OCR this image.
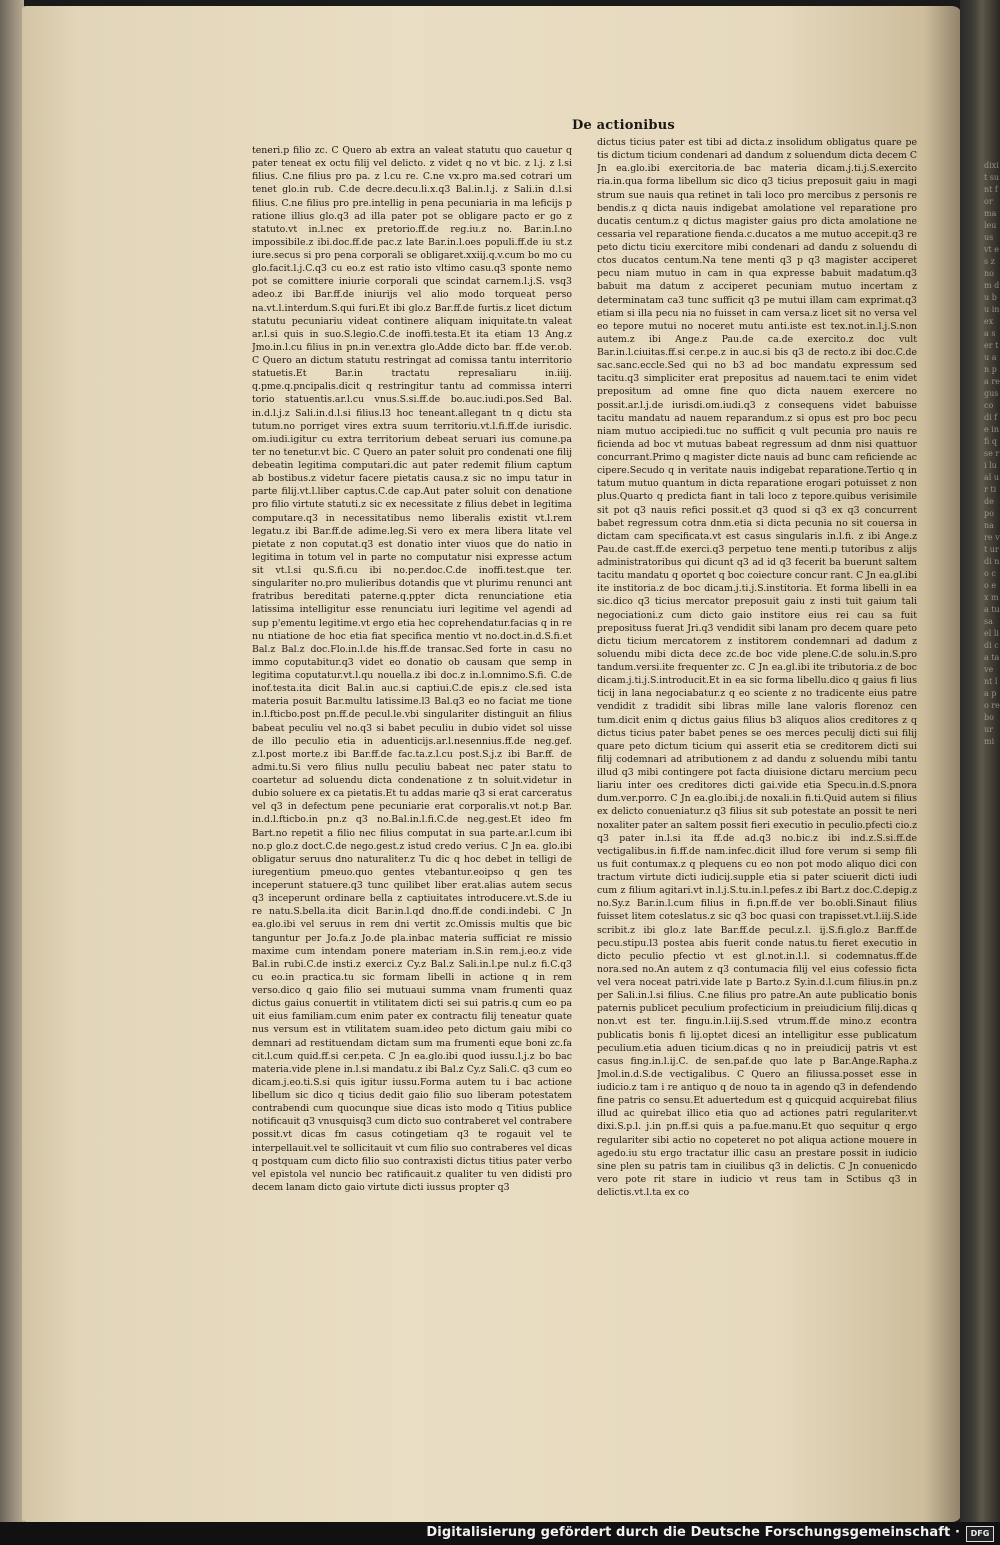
dixit sunt forma leuus vt es z nom du bu in ex a ser tu an pa re gus co di fe in fi q se ri lu al ur ti de po na re vt ur di no co ex ma tu sa el li di ca ta ve nt la po re bo ur mi
De actionibus
teneri.p filio zc. C Quero ab extra an valeat statutu quo cauetur q pater teneat ex octu filij vel delicto. z videt q no vt bic. z l.j. z l.si filius. C.ne filius pro pa. z l.cu re. C.ne vx.pro ma.sed cotrari um tenet glo.in rub. C.de decre.decu.li.x.q3 Bal.in.l.j. z Sali.in d.l.si filius. C.ne filius pro pre.intellig in pena pecuniaria in ma leficijs p ratione illius glo.q3 ad illa pater pot se obligare pacto er go z statuto.vt in.l.nec ex pretorio.ff.de reg.iu.z no. Bar.in.l.no impossibile.z ibi.doc.ff.de pac.z late Bar.in.l.oes populi.ff.de iu st.z iure.secus si pro pena corporali se obligaret.xxiij.q.v.cum bo mo cu glo.facit.l.j.C.q3 cu eo.z est ratio isto vltimo casu.q3 sponte nemo pot se comittere iniurie corporali que scindat carnem.l.j.S. vsq3 adeo.z ibi Bar.ff.de iniurijs vel alio modo torqueat perso na.vt.l.interdum.S.qui furi.Et ibi glo.z Bar.ff.de furtis.z licet dictum statutu pecuniariu videat continere aliquam iniquitate.tn valeat ar.l.si quis in suo.S.legio.C.de inoffi.testa.Et ita etiam 13 Ang.z Jmo.in.l.cu filius in pn.in ver.extra glo.Adde dicto bar. ff.de ver.ob. C Quero an dictum statutu restringat ad comissa tantu interritorio statuetis.Et Bar.in tractatu represaliaru in.iiij. q.pme.q.pncipalis.dicit q restringitur tantu ad commissa interri torio statuentis.ar.l.cu vnus.S.si.ff.de bo.auc.iudi.pos.Sed Bal. in.d.l.j.z Sali.in.d.l.si filius.l3 hoc teneant.allegant tn q dictu sta tutum.no porriget vires extra suum territoriu.vt.l.fi.ff.de iurisdic. om.iudi.igitur cu extra territorium debeat seruari ius comune.pa ter no tenetur.vt bic. C Quero an pater soluit pro condenati one filij debeatin legitima computari.dic aut pater redemit filium captum ab bostibus.z videtur facere pietatis causa.z sic no impu tatur in parte filij.vt.l.liber captus.C.de cap.Aut pater soluit con denatione pro filio virtute statuti.z sic ex necessitate z filius debet in legitima computare.q3 in necessitatibus nemo liberalis existit vt.l.rem legatu.z ibi Bar.ff.de adime.leg.Si vero ex mera libera litate vel pietate z non coputat.q3 est donatio inter viuos que do natio in legitima in totum vel in parte no computatur nisi expresse actum sit vt.l.si qu.S.fi.cu ibi no.per.doc.C.de inoffi.test.que ter. singulariter no.pro mulieribus dotandis que vt plurimu renunci ant fratribus bereditati paterne.q.ppter dicta renunciatione etia latissima intelligitur esse renunciatu iuri legitime vel agendi ad sup p'ementu legitime.vt ergo etia hec coprehendatur.facias q in re nu ntiatione de hoc etia fiat specifica mentio vt no.doct.in.d.S.fi.et Bal.z Bal.z doc.Flo.in.l.de his.ff.de transac.Sed forte in casu no immo coputabitur.q3 videt eo donatio ob causam que semp in legitima coputatur.vt.l.qu nouella.z ibi doc.z in.l.omnimo.S.fi. C.de inof.testa.ita dicit Bal.in auc.si captiui.C.de epis.z cle.sed ista materia posuit Bar.multu latissime.l3 Bal.q3 eo no faciat me tione in.l.fticbo.post pn.ff.de pecul.le.vbi singulariter distinguit an filius babeat peculiu vel no.q3 si babet peculiu in dubio videt sol uisse de illo peculio etia in aduenticijs.ar.l.nesennius.ff.de neg.gef. z.l.post morte.z ibi Bar.ff.de fac.ta.z.l.cu post.S.j.z ibi Bar.ff. de admi.tu.Si vero filius nullu peculiu babeat nec pater statu to coartetur ad soluendu dicta condenatione z tn soluit.videtur in dubio soluere ex ca pietatis.Et tu addas marie q3 si erat carceratus vel q3 in defectum pene pecuniarie erat corporalis.vt not.p Bar. in.d.l.fticbo.in pn.z q3 no.Bal.in.l.fi.C.de neg.gest.Et ideo fm Bart.no repetit a filio nec filius computat in sua parte.ar.l.cum ibi no.p glo.z doct.C.de nego.gest.z istud credo verius. C Jn ea. glo.ibi obligatur seruus dno naturaliter.z Tu dic q hoc debet in telligi de iuregentium pmeuo.quo gentes vtebantur.eoipso q gen tes inceperunt statuere.q3 tunc quilibet liber erat.alias autem secus q3 inceperunt ordinare bella z captiuitates introducere.vt.S.de iu re natu.S.bella.ita dicit Bar.in.l.qd dno.ff.de condi.indebi. C Jn ea.glo.ibi vel seruus in rem dni vertit zc.Omissis multis que bic tanguntur per Jo.fa.z Jo.de pla.inbac materia sufficiat re missio maxime cum intendam ponere materiam in.S.in rem.j.eo.z vide Bal.in rubi.C.de insti.z exerci.z Cy.z Bal.z Sali.in.l.pe nul.z fi.C.q3 cu eo.in practica.tu sic formam libelli in actione q in rem verso.dico q gaio filio sei mutuaui summa vnam frumenti quaz dictus gaius conuertit in vtilitatem dicti sei sui patris.q cum eo pa uit eius familiam.cum enim pater ex contractu filij teneatur quate nus versum est in vtilitatem suam.ideo peto dictum gaiu mibi co demnari ad restituendam dictam sum ma frumenti eque boni zc.fa cit.l.cum quid.ff.si cer.peta. C Jn ea.glo.ibi quod iussu.l.j.z bo bac materia.vide plene in.l.si mandatu.z ibi Bal.z Cy.z Sali.C. q3 cum eo dicam.j.eo.ti.S.si quis igitur iussu.Forma autem tu i bac actione libellum sic dico q ticius dedit gaio filio suo liberam potestatem contrabendi cum quocunque siue dicas isto modo q Titius publice notificauit q3 vnusquisq3 cum dicto suo contraberet vel contrabere possit.vt dicas fm casus cotingetiam q3 te rogauit vel te interpellauit.vel te sollicitauit vt cum filio suo contraberes vel dicas q postquam cum dicto filio suo contraxisti dictus titius pater verbo vel epistola vel nuncio bec ratificauit.z qualiter tu ven didisti pro decem lanam dicto gaio virtute dicti iussus propter q3
dictus ticius pater est tibi ad dicta.z insolidum obligatus quare pe tis dictum ticium condenari ad dandum z soluendum dicta decem C Jn ea.glo.ibi exercitoria.de bac materia dicam.j.ti.j.S.exercito ria.in.qua forma libellum sic dico q3 ticius preposuit gaiu in magi strum sue nauis qua retinet in tali loco pro mercibus z personis re bendis.z q dicta nauis indigebat amolatione vel reparatione pro ducatis centum.z q dictus magister gaius pro dicta amolatione ne cessaria vel reparatione fienda.c.ducatos a me mutuo accepit.q3 re peto dictu ticiu exercitore mibi condenari ad dandu z soluendu di ctos ducatos centum.Na tene menti q3 p q3 magister acciperet pecu niam mutuo in cam in qua expresse babuit madatum.q3 babuit ma datum z acciperet pecuniam mutuo incertam z determinatam ca3 tunc sufficit q3 pe mutui illam cam exprimat.q3 etiam si illa pecu nia no fuisset in cam versa.z licet sit no versa vel eo tepore mutui no noceret mutu anti.iste est tex.not.in.l.j.S.non autem.z ibi Ange.z Pau.de ca.de exercito.z doc vult Bar.in.l.ciuitas.ff.si cer.pe.z in auc.si bis q3 de recto.z ibi doc.C.de sac.sanc.eccle.Sed qui no b3 ad boc mandatu expressum sed tacitu.q3 simpliciter erat prepositus ad nauem.taci te enim videt prepositum ad omne fine quo dicta nauem exercere no possit.ar.l.j.de iurisdi.om.iudi.q3 z consequens videt babuisse tacitu mandatu ad nauem reparandum.z si opus est pro boc pecu niam mutuo accipiedi.tuc no sufficit q vult pecunia pro nauis re ficienda ad boc vt mutuas babeat regressum ad dnm nisi quattuor concurrant.Primo q magister dicte nauis ad bunc cam reficiende ac cipere.Secudo q in veritate nauis indigebat reparatione.Tertio q in tatum mutuo quantum in dicta reparatione erogari potuisset z non plus.Quarto q predicta fiant in tali loco z tepore.quibus verisimile sit pot q3 nauis refici possit.et q3 quod si q3 ex q3 concurrent babet regressum cotra dnm.etia si dicta pecunia no sit couersa in dictam cam specificata.vt est casus singularis in.l.fi. z ibi Ange.z Pau.de cast.ff.de exerci.q3 perpetuo tene menti.p tutoribus z alijs administratoribus qui dicunt q3 ad id q3 fecerit ba buerunt saltem tacitu mandatu q oportet q boc coiecture concur rant. C Jn ea.gl.ibi ite institoria.z de boc dicam.j.ti.j.S.institoria. Et forma libelli in ea sic.dico q3 ticius mercator preposuit gaiu z insti tuit gaium tali negociationi.z cum dicto gaio institore eius rei cau sa fuit preposituss fuerat Jri.q3 vendidit sibi lanam pro decem quare peto dictu ticium mercatorem z institorem condemnari ad dadum z soluendu mibi dicta dece zc.de boc vide plene.C.de solu.in.S.pro tandum.versi.ite frequenter zc. C Jn ea.gl.ibi ite tributoria.z de boc dicam.j.ti.j.S.introducit.Et in ea sic forma libellu.dico q gaius fi lius ticij in lana negociabatur.z q eo sciente z no tradicente eius patre vendidit z tradidit sibi libras mille lane valoris florenoz cen tum.dicit enim q dictus gaius filius b3 aliquos alios creditores z q dictus ticius pater babet penes se oes merces peculij dicti sui filij quare peto dictum ticium qui asserit etia se creditorem dicti sui filij codemnari ad atributionem z ad dandu z soluendu mibi tantu illud q3 mibi contingere pot facta diuisione dictaru mercium pecu liariu inter oes creditores dicti gai.vide etia Specu.in.d.S.pnora dum.ver.porro. C Jn ea.glo.ibi.j.de noxali.in fi.ti.Quid autem si filius ex delicto conueniatur.z q3 filius sit sub potestate an possit te neri noxaliter pater an saltem possit fieri executio in peculio.pfecti cio.z q3 pater in.l.si ita ff.de ad.q3 no.bic.z ibi ind.z.S.si.ff.de vectigalibus.in fi.ff.de nam.infec.dicit illud fore verum si semp fili us fuit contumax.z q plequens cu eo non pot modo aliquo dici con tractum virtute dicti iudicij.supple etia si pater sciuerit dicti iudi cum z filium agitari.vt in.l.j.S.tu.in.l.pefes.z ibi Bart.z doc.C.depig.z no.Sy.z Bar.in.l.cum filius in fi.pn.ff.de ver bo.obli.Sinaut filius fuisset litem coteslatus.z sic q3 boc quasi con trapisset.vt.l.iij.S.ide scribit.z ibi glo.z late Bar.ff.de pecul.z.l. ij.S.fi.glo.z Bar.ff.de pecu.stipu.l3 postea abis fuerit conde natus.tu fieret executio in dicto peculio pfectio vt est gl.not.in.l.l. si codemnatus.ff.de nora.sed no.An autem z q3 contumacia filij vel eius cofessio ficta vel vera noceat patri.vide late p Barto.z Sy.in.d.l.cum filius.in pn.z per Sali.in.l.si filius. C.ne filius pro patre.An aute publicatio bonis paternis publicet peculium profecticium in preiudicium filij.dicas q non.vt est ter. fingu.in.l.iij.S.sed vtrum.ff.de mino.z econtra publicatis bonis fi lij.optet dicesi an intelligitur esse publicatum peculium.etia aduen ticium.dicas q no in preiudicij patris vt est casus fing.in.l.ij.C. de sen.paf.de quo late p Bar.Ange.Rapha.z Jmol.in.d.S.de vectigalibus. C Quero an filiussa.posset esse in iudicio.z tam i re antiquo q de nouo ta in agendo q3 in defendendo fine patris co sensu.Et aduertedum est q quicquid acquirebat filius illud ac quirebat illico etia quo ad actiones patri regulariter.vt dixi.S.p.l. j.in pn.ff.si quis a pa.fue.manu.Et quo sequitur q ergo regulariter sibi actio no copeteret no pot aliqua actione mouere in agedo.iu stu ergo tractatur illic casu an prestare possit in iudicio sine plen su patris tam in ciuilibus q3 in delictis. C Jn conuenicdo vero pote rit stare in iudicio vt reus tam in Sctibus q3 in delictis.vt.l.ta ex co
Digitalisierung gefördert durch die Deutsche Forschungsgemeinschaft ·	DFG
